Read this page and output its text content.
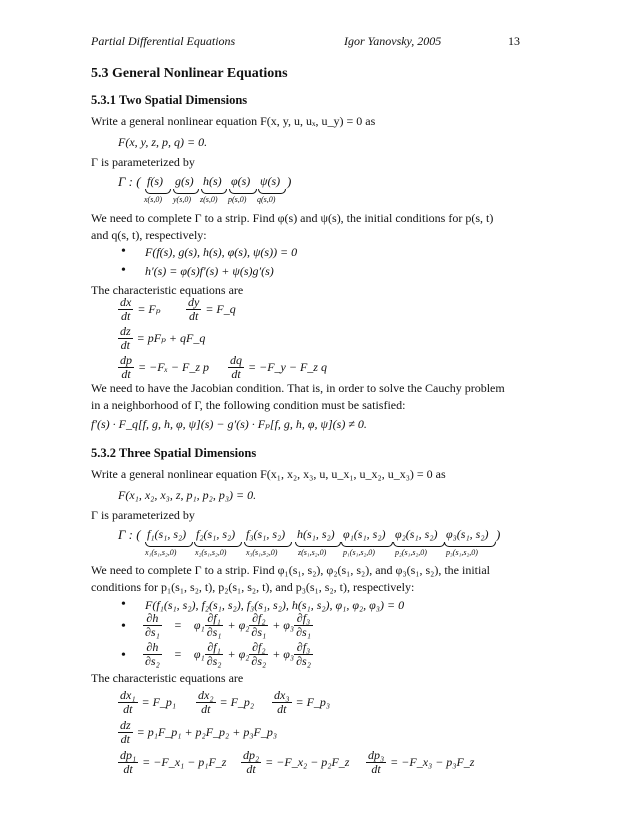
Partial Differential Equations	Igor Yanovsky, 2005	13
5.3 General Nonlinear Equations
5.3.1 Two Spatial Dimensions
Write a general nonlinear equation F(x, y, u, uₓ, u_y) = 0 as
F(x, y, z, p, q) = 0.
Γ is parameterized by
Γ : ( f(s)
x(s,0)
g(s)
y(s,0)
h(s)
z(s,0)
φ(s)
p(s,0)
ψ(s)
q(s,0)
)
We need to complete Γ to a strip. Find φ(s) and ψ(s), the initial conditions for p(s, t)
and q(s, t), respectively:
• F(f(s), g(s), h(s), φ(s), ψ(s)) = 0
• h′(s) = φ(s)f′(s) + ψ(s)g′(s)
The characteristic equations are
$\frac{dx}{dt} = F_p \frac{dy}{dt}$ = F_q
$\frac{dz}{dt} = pF_p$ + qF_q
$\frac{dp}{dt} = -F_x$ − F_z p $\frac{dq}{dt}$ = −F_y − F_z q
We need to have the Jacobian condition. That is, in order to solve the Cauchy problem
in a neighborhood of Γ, the following condition must be satisfied:
f′(s) · F_q[f, g, h, φ, ψ](s) − g′(s) · Fₚ[f, g, h, φ, ψ](s) ≠ 0.
5.3.2 Three Spatial Dimensions
Write a general nonlinear equation F(x₁, x₂, x₃, u, u_x₁, u_x₂, u_x₃) = 0 as
F(x₁, x₂, x₃, z, p₁, p₂, p₃) = 0.
Γ is parameterized by
Γ : ( f₁(s₁, s₂)
x₁(s₁,s₂,0)
f₂(s₁, s₂)
x₂(s₁,s₂,0)
f₃(s₁, s₂)
x₃(s₁,s₂,0)
h(s₁, s₂)
z(s₁,s₂,0)
φ₁(s₁, s₂)
p₁(s₁,s₂,0)
φ₂(s₁, s₂)
p₂(s₁,s₂,0)
φ₃(s₁, s₂)
p₃(s₁,s₂,0)
)
We need to complete Γ to a strip. Find φ₁(s₁, s₂), φ₂(s₁, s₂), and φ₃(s₁, s₂), the initial
conditions for p₁(s₁, s₂, t), p₂(s₁, s₂, t), and p₃(s₁, s₂, t), respectively:
• F(f₁(s₁, s₂), f₂(s₁, s₂), f₃(s₁, s₂), h(s₁, s₂), φ₁, φ₂, φ₃) = 0
• $\frac{\partial h}{\text{∂s₁}} = \varphi_1 \frac{\text{∂f₁}}{\text{∂s₁}} + \varphi_2 \frac{\text{∂f₂}}{\text{∂s₁}} + \varphi_3 \frac{\text{∂f₃}}{\text{∂s₁}}$
• $\frac{\partial h}{\text{∂s₂}} = \varphi_1 \frac{\text{∂f₁}}{\text{∂s₂}} + \varphi_2 \frac{\text{∂f₂}}{\text{∂s₂}} + \varphi_3 \frac{\text{∂f₃}}{\text{∂s₂}}$
The characteristic equations are
$\frac{\text{dx₁}}{dt}$ = F_p₁ $\frac{\text{dx₂}}{dt}$ = F_p₂ $\frac{\text{dx₃}}{dt}$ = F_p₃
$\frac{dz}{dt}$ = p₁F_p₁ + p₂F_p₂ + p₃F_p₃
$\frac{\text{dp₁}}{dt}$ = −F_x₁ − p₁F_z $\frac{\text{dp₂}}{dt}$ = −F_x₂ − p₂F_z $\frac{\text{dp₃}}{dt}$ = −F_x₃ − p₃F_z
